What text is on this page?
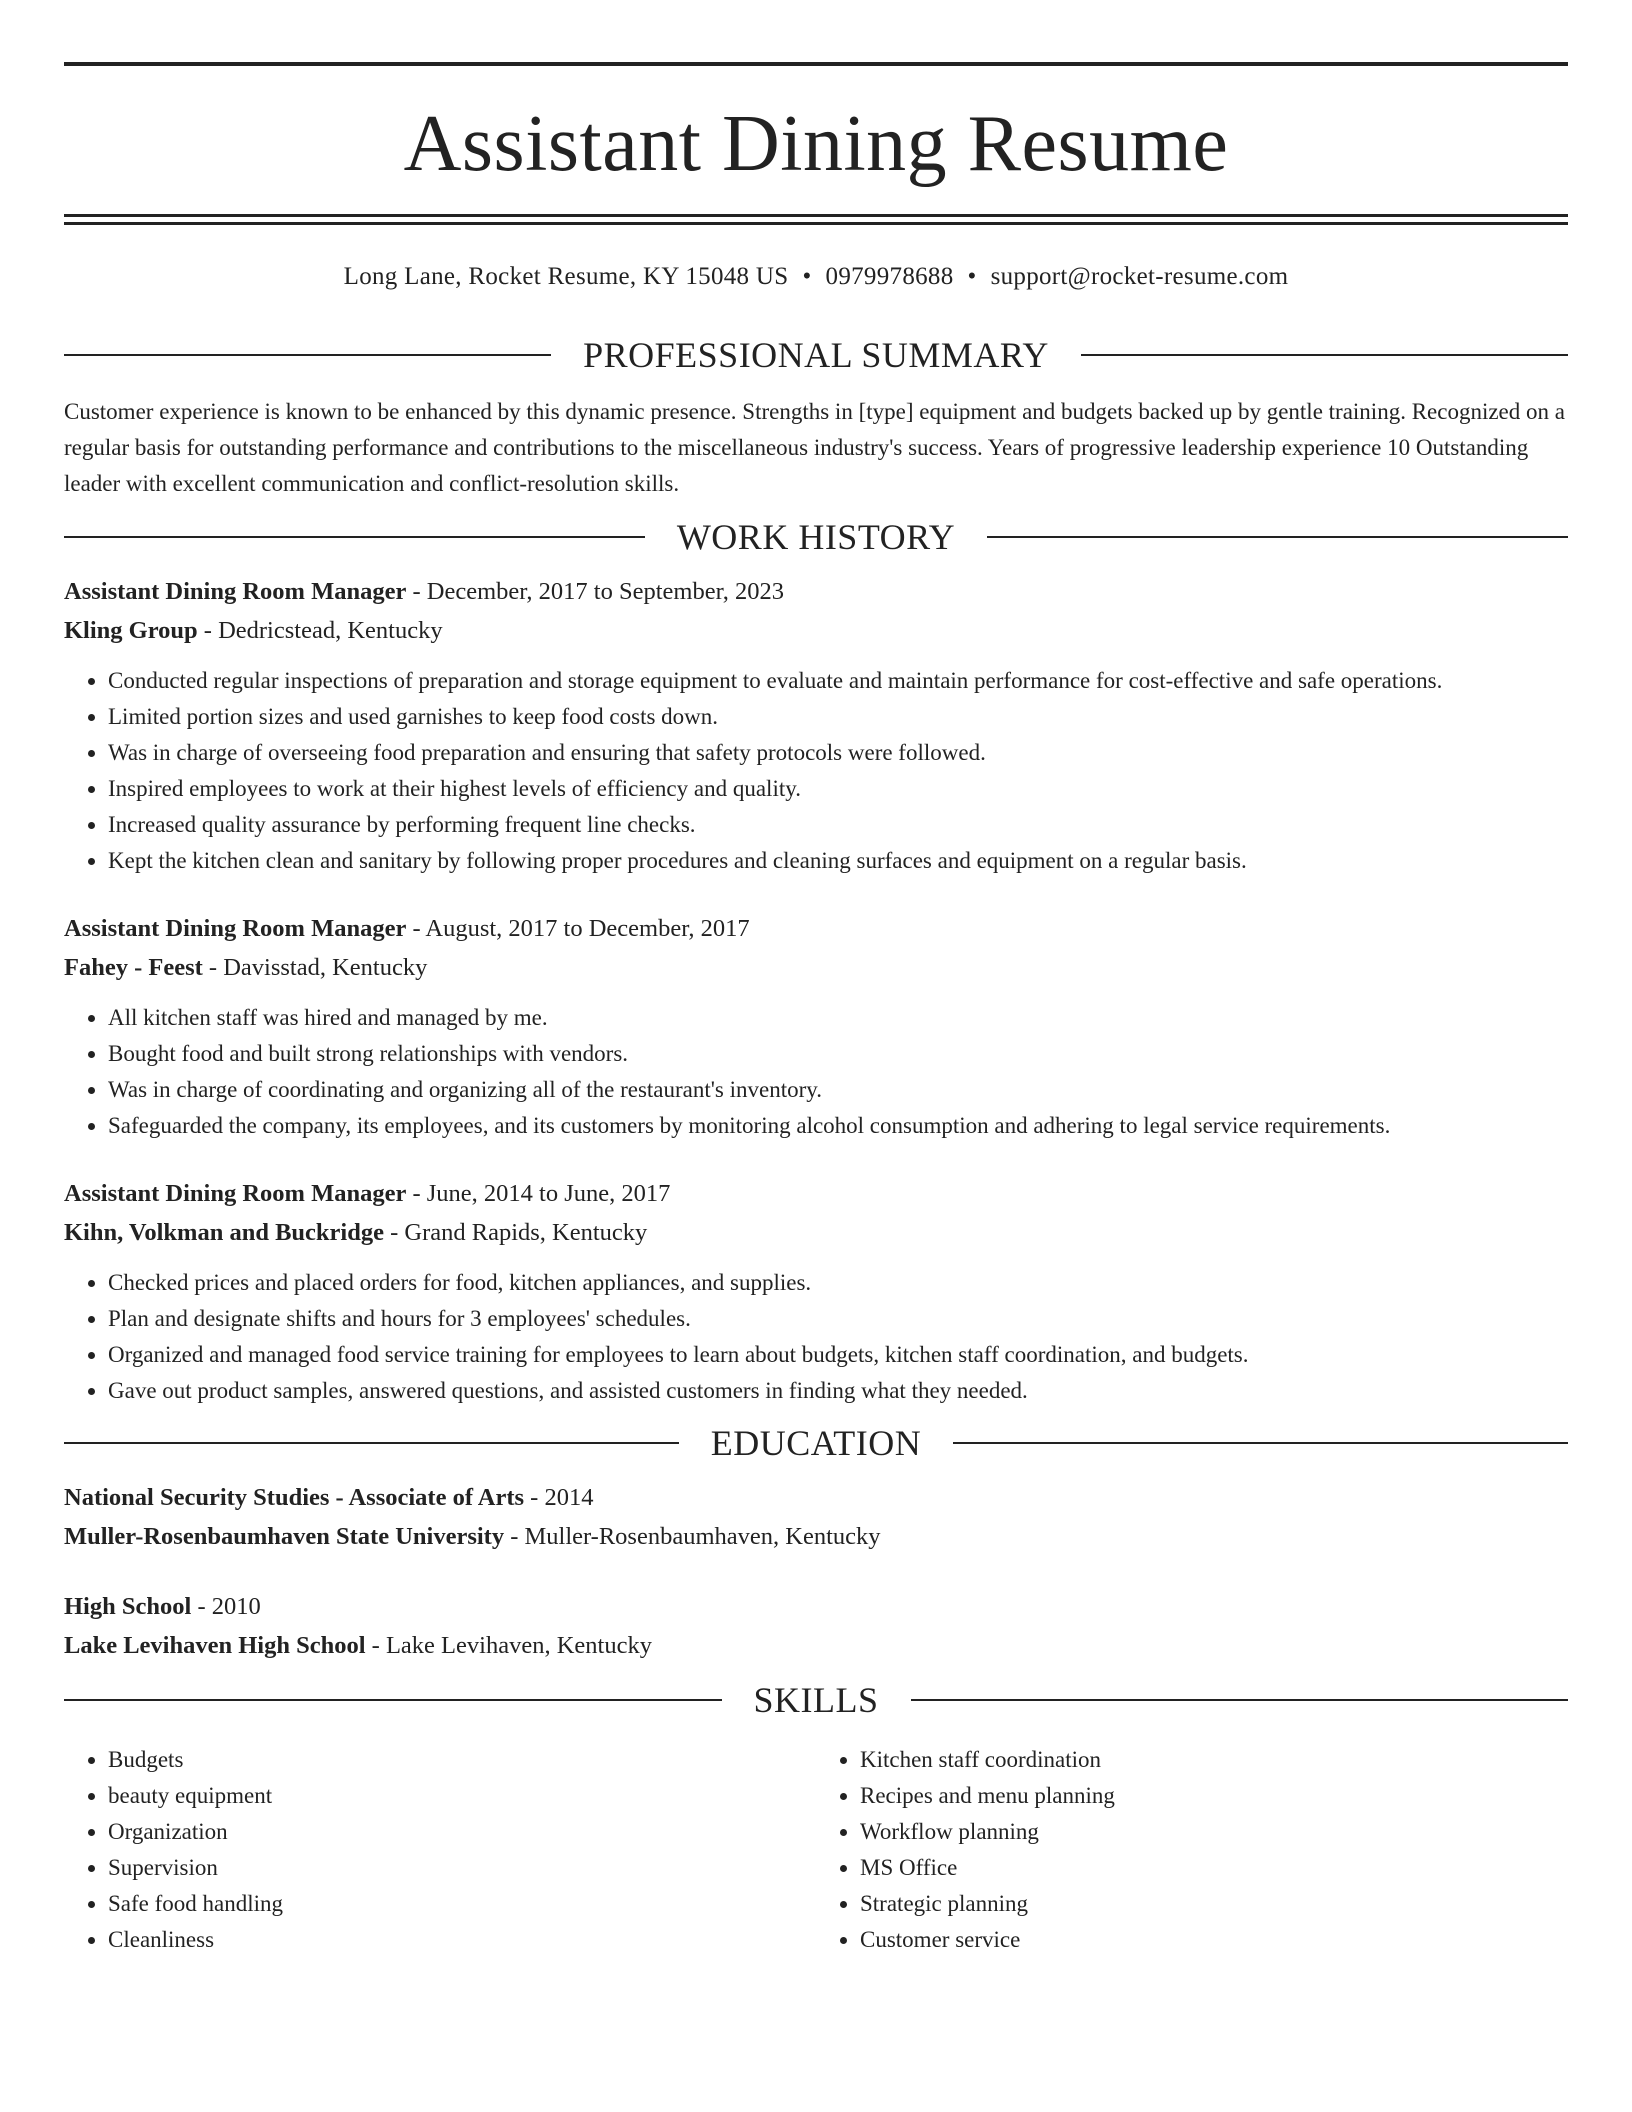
Assistant Dining Resume
Long Lane, Rocket Resume, KY 15048 US • 0979978688 • support@rocket-resume.com
PROFESSIONAL SUMMARY

Customer experience is known to be enhanced by this dynamic presence. Strengths in [type] equipment and budgets backed up by gentle training. Recognized on a regular basis for outstanding performance and contributions to the miscellaneous industry's success. Years of progressive leadership experience 10 Outstanding leader with excellent communication and conflict-resolution skills.

WORK HISTORY
Assistant Dining Room Manager - December, 2017 to September, 2023
Kling Group - Dedricstead, Kentucky
• Conducted regular inspections of preparation and storage equipment to evaluate and maintain performance for cost-effective and safe operations.
• Limited portion sizes and used garnishes to keep food costs down.
• Was in charge of overseeing food preparation and ensuring that safety protocols were followed.
• Inspired employees to work at their highest levels of efficiency and quality.
• Increased quality assurance by performing frequent line checks.
• Kept the kitchen clean and sanitary by following proper procedures and cleaning surfaces and equipment on a regular basis.
Assistant Dining Room Manager - August, 2017 to December, 2017
Fahey - Feest - Davisstad, Kentucky
• All kitchen staff was hired and managed by me.
• Bought food and built strong relationships with vendors.
• Was in charge of coordinating and organizing all of the restaurant's inventory.
• Safeguarded the company, its employees, and its customers by monitoring alcohol consumption and adhering to legal service requirements.
Assistant Dining Room Manager - June, 2014 to June, 2017
Kihn, Volkman and Buckridge - Grand Rapids, Kentucky
• Checked prices and placed orders for food, kitchen appliances, and supplies.
• Plan and designate shifts and hours for 3 employees' schedules.
• Organized and managed food service training for employees to learn about budgets, kitchen staff coordination, and budgets.
• Gave out product samples, answered questions, and assisted customers in finding what they needed.
EDUCATION
National Security Studies - Associate of Arts - 2014
Muller-Rosenbaumhaven State University - Muller-Rosenbaumhaven, Kentucky
High School - 2010
Lake Levihaven High School - Lake Levihaven, Kentucky
SKILLS
• Budgets
• beauty equipment
• Organization
• Supervision
• Safe food handling
• Cleanliness
• Kitchen staff coordination
• Recipes and menu planning
• Workflow planning
• MS Office
• Strategic planning
• Customer service
